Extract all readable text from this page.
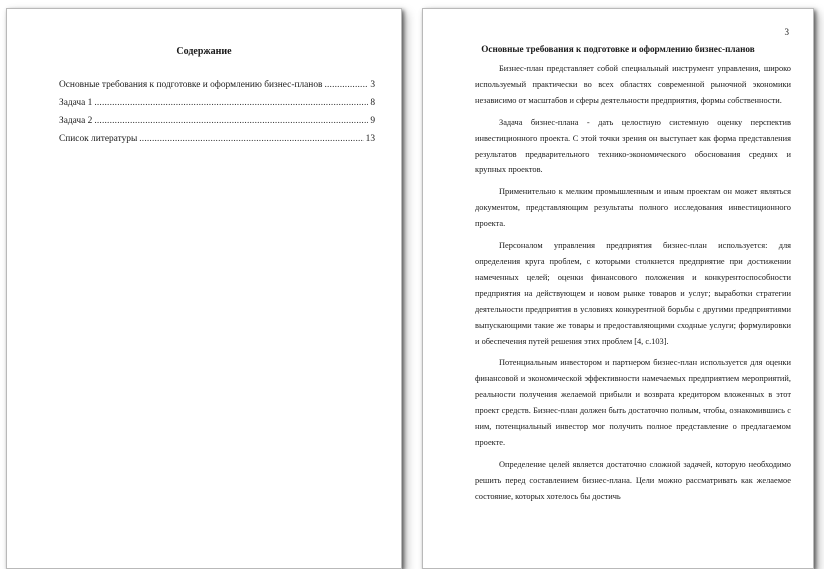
Содержание
Основные требования к подготовке и оформлению бизнес-планов .....	3
Задача 1 .....	8
Задача 2 .....	9
Список литературы .....	13
3
Основные требования к подготовке и оформлению бизнес-планов

Бизнес-план представляет собой специальный инструмент управления, широко используемый практически во всех областях современной рыночной экономики независимо от масштабов и сферы деятельности предприятия, формы собственности.

Задача бизнес-плана - дать целостную системную оценку перспектив инвестиционного проекта. С этой точки зрения он выступает как форма представления результатов предварительного технико-экономического обоснования средних и крупных проектов.

Применительно к мелким промышленным и иным проектам он может являться документом, представляющим результаты полного исследования инвестиционного проекта.

Персоналом управления предприятия бизнес-план используется: для определения круга проблем, с которыми столкнется предприятие при достижении намеченных целей; оценки финансового положения и конкурентоспособности предприятия на действующем и новом рынке товаров и услуг; выработки стратегии деятельности предприятия в условиях конкурентной борьбы с другими предприятиями выпускающими такие же товары и предоставляющими сходные услуги; формулировки и обеспечения путей решения этих проблем [4, с.103].

Потенциальным инвестором и партнером бизнес-план используется для оценки финансовой и экономической эффективности намечаемых предприятием мероприятий, реальности получения желаемой прибыли и возврата кредитором вложенных в этот проект средств. Бизнес-план должен быть достаточно полным, чтобы, ознакомившись с ним, потенциальный инвестор мог получить полное представление о предлагаемом проекте.

Определение целей является достаточно сложной задачей, которую необходимо решить перед составлением бизнес-плана. Цели можно рассматривать как желаемое состояние, которых хотелось бы достичь
